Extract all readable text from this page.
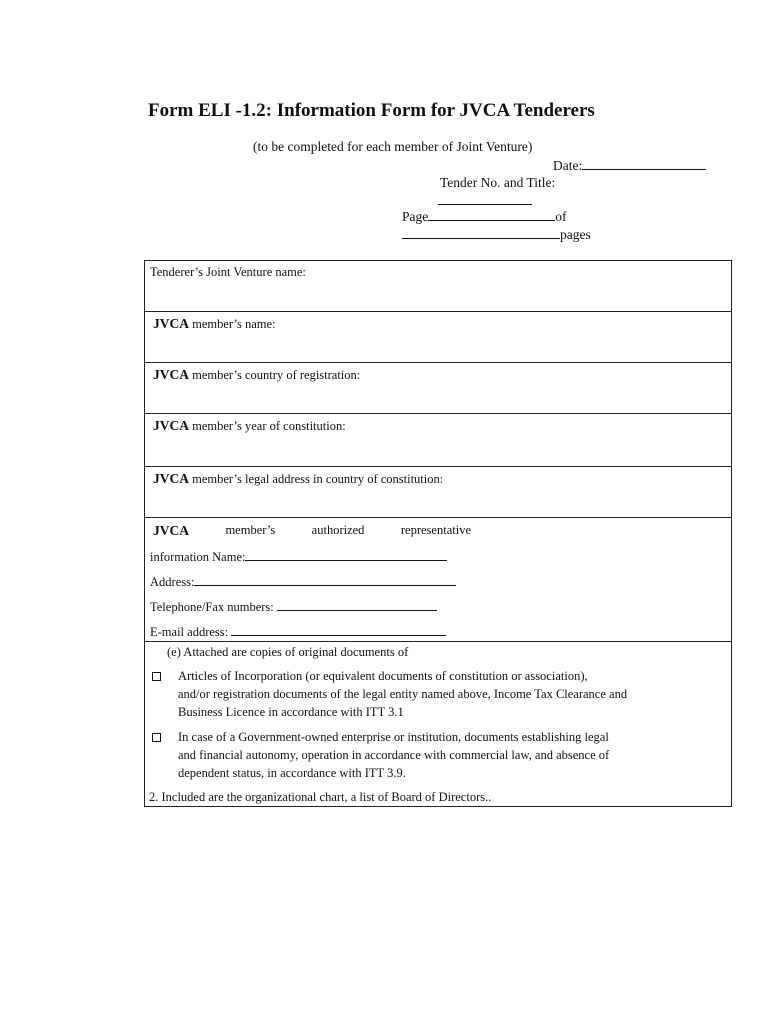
Form ELI -1.2: Information Form for JVCA Tenderers
(to be completed for each member of Joint Venture)
Date:
Tender No. and Title:
Page	of
pages
Tenderer’s Joint Venture name:
JVCA member’s name:
JVCA member’s country of registration:
JVCA member’s year of constitution:
JVCA member’s legal address in country of constitution:
JVCA	member’s	authorized	representative
information Name:
Address:
Telephone/Fax numbers:
E-mail address:
(e) Attached are copies of original documents of
Articles of Incorporation (or equivalent documents of constitution or association),
and/or registration documents of the legal entity named above, Income Tax Clearance and
Business Licence in accordance with ITT 3.1
In case of a Government-owned enterprise or institution, documents establishing legal
and financial autonomy, operation in accordance with commercial law, and absence of
dependent status, in accordance with ITT 3.9.
2. Included are the organizational chart, a list of Board of Directors..
